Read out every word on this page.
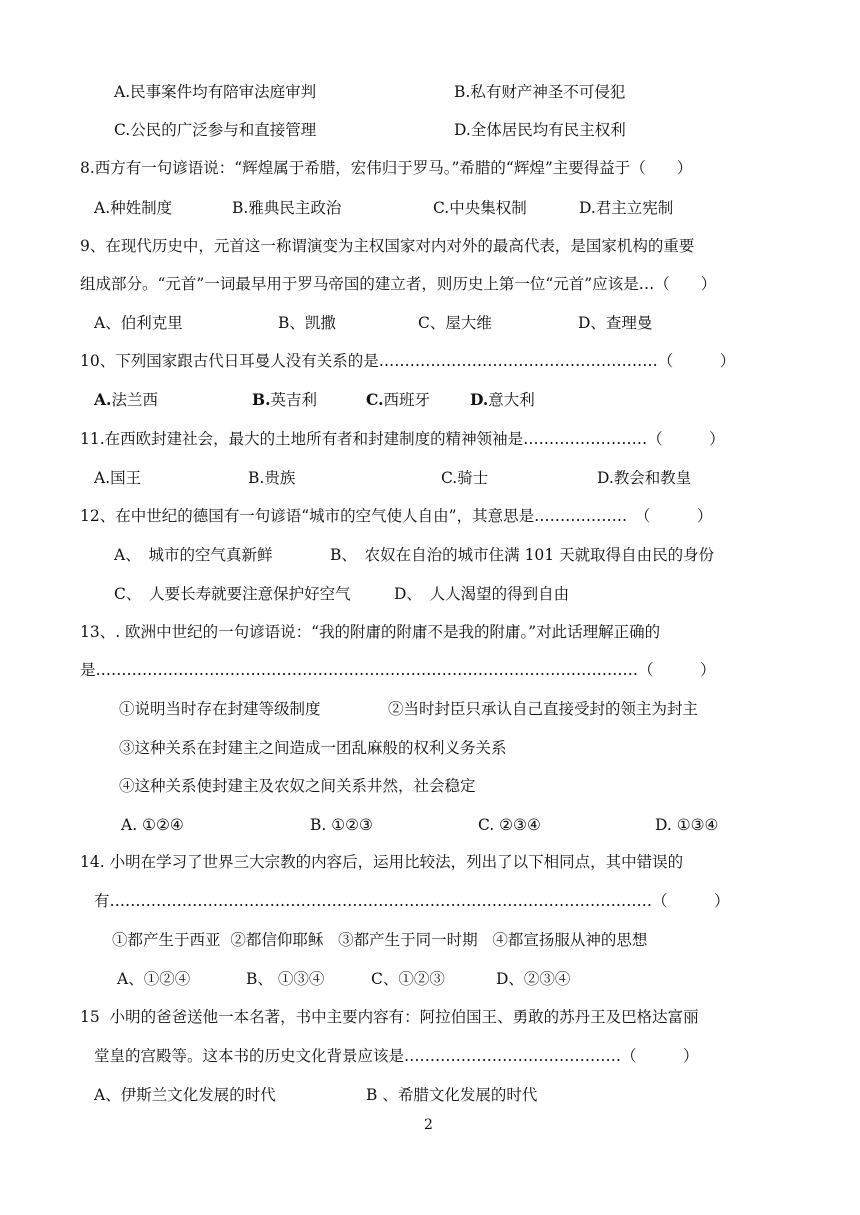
A.民事案件均有陪审法庭审判	B.私有财产神圣不可侵犯
C.公民的广泛参与和直接管理	D.全体居民均有民主权利
8.西方有一句谚语说：“辉煌属于希腊，宏伟归于罗马。”希腊的“辉煌”主要得益于（　　）
A.种姓制度	B.雅典民主政治	C.中央集权制	D.君主立宪制
9、在现代历史中，元首这一称谓演变为主权国家对内对外的最高代表，是国家机构的重要
组成部分。“元首”一词最早用于罗马帝国的建立者，则历史上第一位“元首”应该是…（　　）
A、伯利克里	B、凯撒	C、屋大维	D、查理曼
10、下列国家跟古代日耳曼人没有关系的是………………………………………………（　　　）
A.法兰西	B.英吉利	C.西班牙	D.意大利
11.在西欧封建社会，最大的土地所有者和封建制度的精神领袖是……………………（　　　）
A.国王	B.贵族	C.骑士	D.教会和教皇
12、在中世纪的德国有一句谚语“城市的空气使人自由”，其意思是………………　（　　　）
A、　城市的空气真新鲜	B、　农奴在自治的城市住满 101 天就取得自由民的身份
C、　人要长寿就要注意保护好空气	D、　人人渴望的得到自由
13、. 欧洲中世纪的一句谚语说：“我的附庸的附庸不是我的附庸。”对此话理解正确的
是……………………………………………………………………………………………（　　　）
①说明当时存在封建等级制度	②当时封臣只承认自己直接受封的领主为封主
③这种关系在封建主之间造成一团乱麻般的权利义务关系
④这种关系使封建主及农奴之间关系井然，社会稳定
A. ①②④	B. ①②③	C. ②③④	D. ①③④
14. 小明在学习了世界三大宗教的内容后，运用比较法，列出了以下相同点，其中错误的
有……………………………………………………………………………………………（　　　）
①都产生于西亚  ②都信仰耶稣   ③都产生于同一时期   ④都宣扬服从神的思想
A、①②④	B、 ①③④	C、①②③	D、②③④
15  小明的爸爸送他一本名著，书中主要内容有：阿拉伯国王、勇敢的苏丹王及巴格达富丽
堂皇的宫殿等。这本书的历史文化背景应该是……………………………………（　　　）
A、伊斯兰文化发展的时代	B 、希腊文化发展的时代
2
